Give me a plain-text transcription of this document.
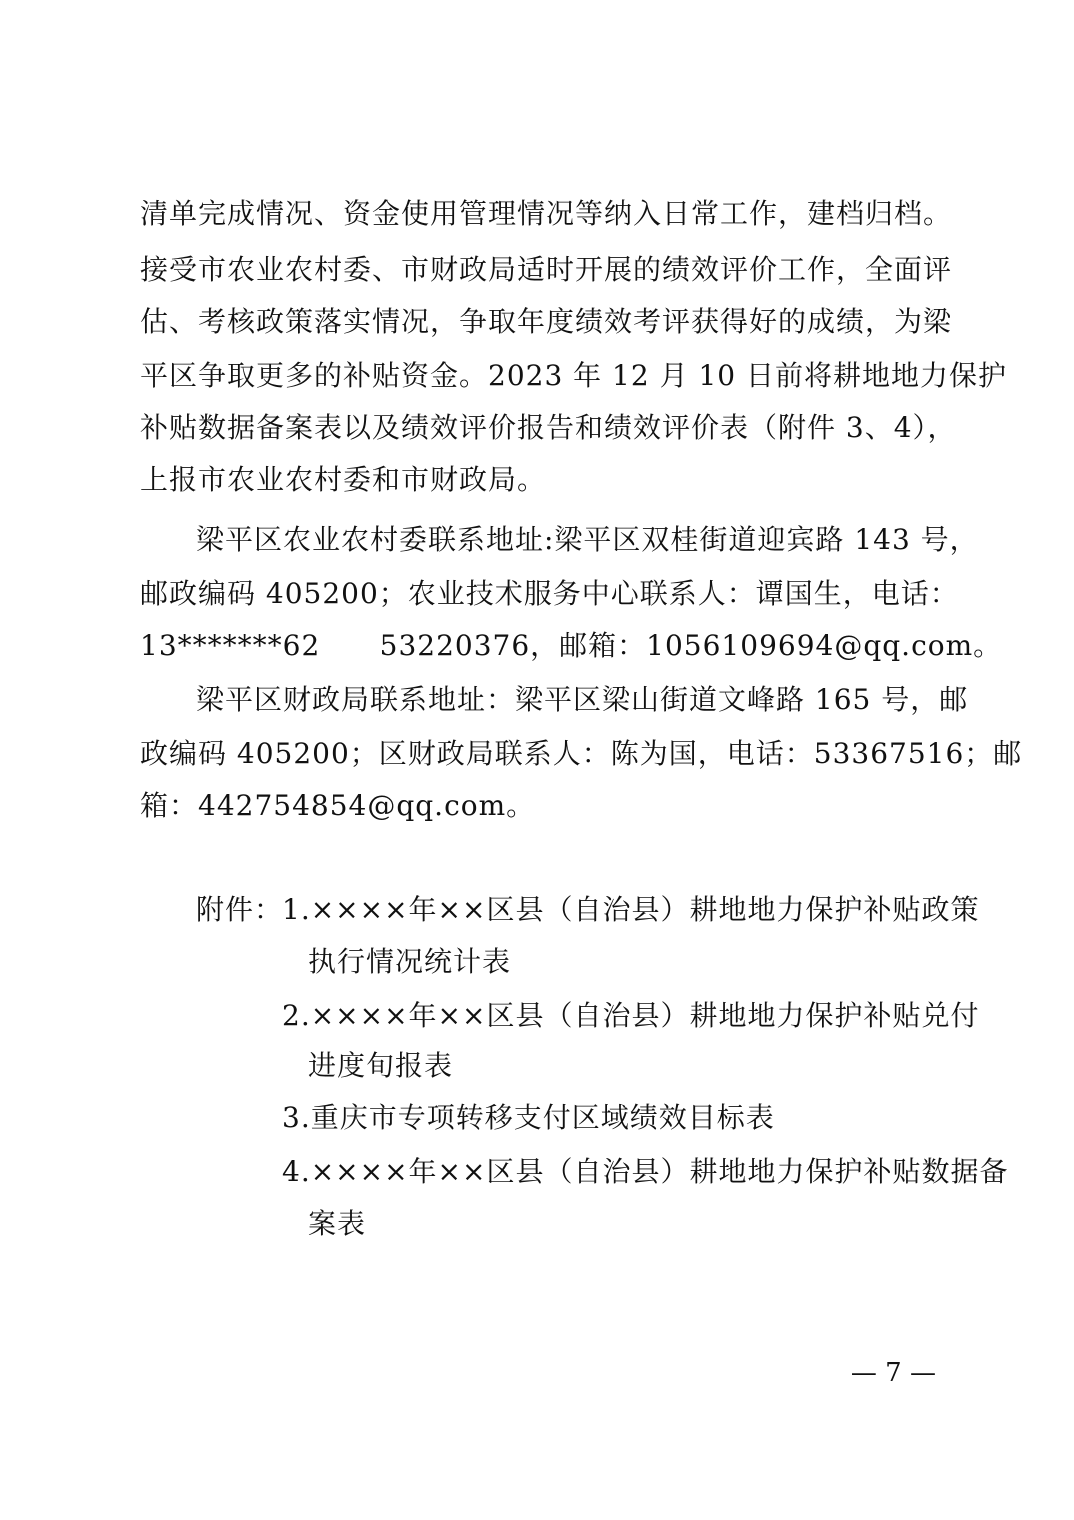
清单完成情况、资金使用管理情况等纳入日常工作，建档归档。
接受市农业农村委、市财政局适时开展的绩效评价工作，全面评
估、考核政策落实情况，争取年度绩效考评获得好的成绩，为梁
平区争取更多的补贴资金。2023 年 12 月 10 日前将耕地地力保护
补贴数据备案表以及绩效评价报告和绩效评价表（附件 3、4），
上报市农业农村委和市财政局。
梁平区农业农村委联系地址:梁平区双桂街道迎宾路 143 号，
邮政编码 405200；农业技术服务中心联系人：谭国生，电话：
13*******62      53220376，邮箱：1056109694@qq.com。
梁平区财政局联系地址：梁平区梁山街道文峰路 165 号，邮
政编码 405200；区财政局联系人：陈为国，电话：53367516；邮
箱：442754854@qq.com。
附件：
1.××××年××区县（自治县）耕地地力保护补贴政策
执行情况统计表
2.××××年××区县（自治县）耕地地力保护补贴兑付
进度旬报表
3.重庆市专项转移支付区域绩效目标表
4.××××年××区县（自治县）耕地地力保护补贴数据备
案表
— 7 —
